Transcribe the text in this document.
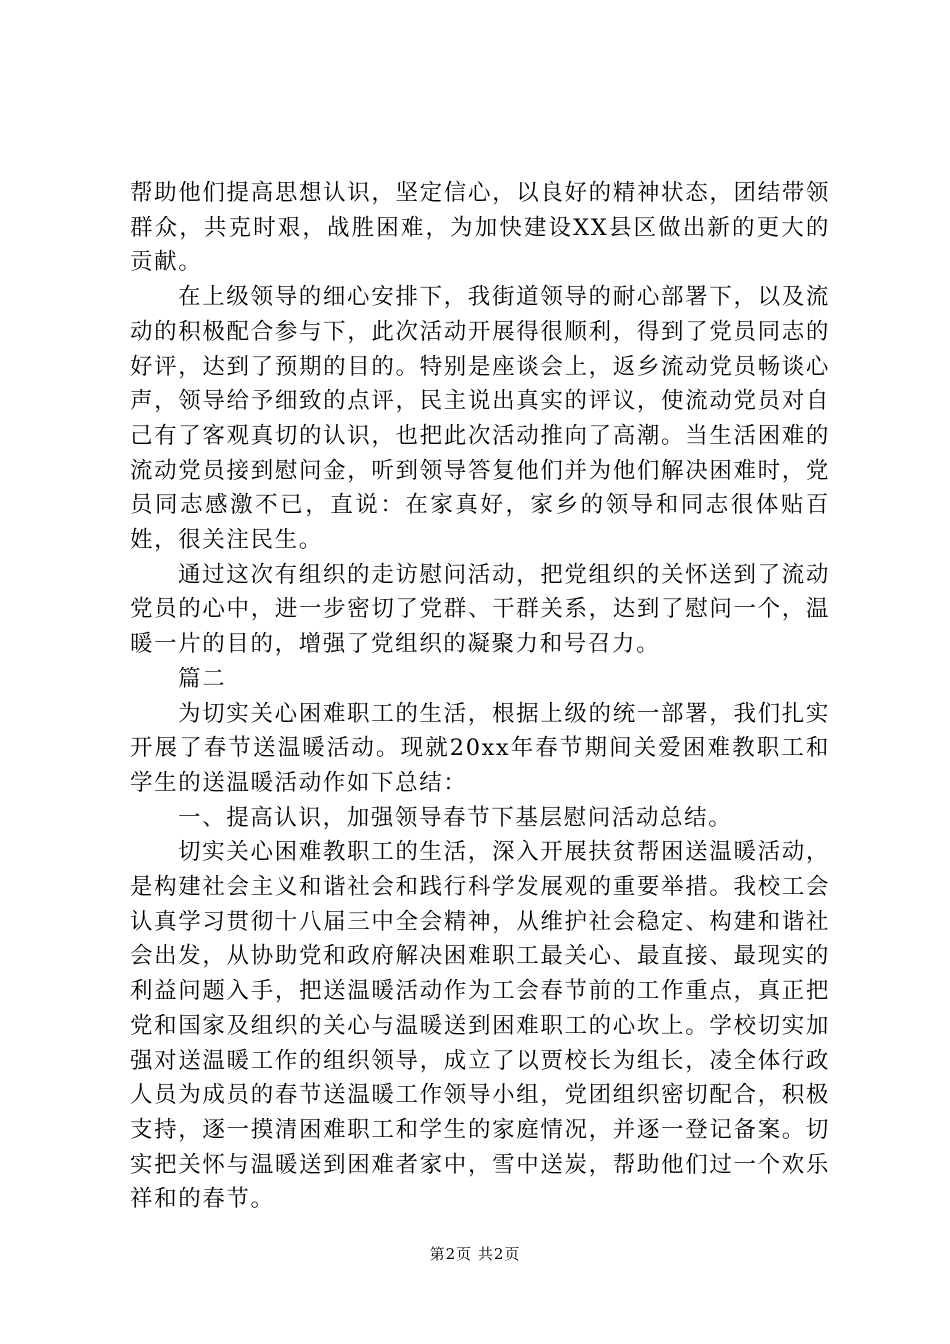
帮助他们提高思想认识，坚定信心，以良好的精神状态，团结带领群众，共克时艰，战胜困难，为加快建设XX县区做出新的更大的贡献。

在上级领导的细心安排下，我街道领导的耐心部署下，以及流动的积极配合参与下，此次活动开展得很顺利，得到了党员同志的好评，达到了预期的目的。特别是座谈会上，返乡流动党员畅谈心声，领导给予细致的点评，民主说出真实的评议，使流动党员对自己有了客观真切的认识，也把此次活动推向了高潮。当生活困难的流动党员接到慰问金，听到领导答复他们并为他们解决困难时，党员同志感激不已，直说：在家真好，家乡的领导和同志很体贴百姓，很关注民生。

通过这次有组织的走访慰问活动，把党组织的关怀送到了流动党员的心中，进一步密切了党群、干群关系，达到了慰问一个，温暖一片的目的，增强了党组织的凝聚力和号召力。

篇二

为切实关心困难职工的生活，根据上级的统一部署，我们扎实开展了春节送温暖活动。现就20xx年春节期间关爱困难教职工和学生的送温暖活动作如下总结：

一、提高认识，加强领导春节下基层慰问活动总结。

切实关心困难教职工的生活，深入开展扶贫帮困送温暖活动，是构建社会主义和谐社会和践行科学发展观的重要举措。我校工会认真学习贯彻十八届三中全会精神，从维护社会稳定、构建和谐社会出发，从协助党和政府解决困难职工最关心、最直接、最现实的利益问题入手，把送温暖活动作为工会春节前的工作重点，真正把党和国家及组织的关心与温暖送到困难职工的心坎上。学校切实加强对送温暖工作的组织领导，成立了以贾校长为组长，凌全体行政人员为成员的春节送温暖工作领导小组，党团组织密切配合，积极支持，逐一摸清困难职工和学生的家庭情况，并逐一登记备案。切实把关怀与温暖送到困难者家中，雪中送炭，帮助他们过一个欢乐祥和的春节。

第2页 共2页
